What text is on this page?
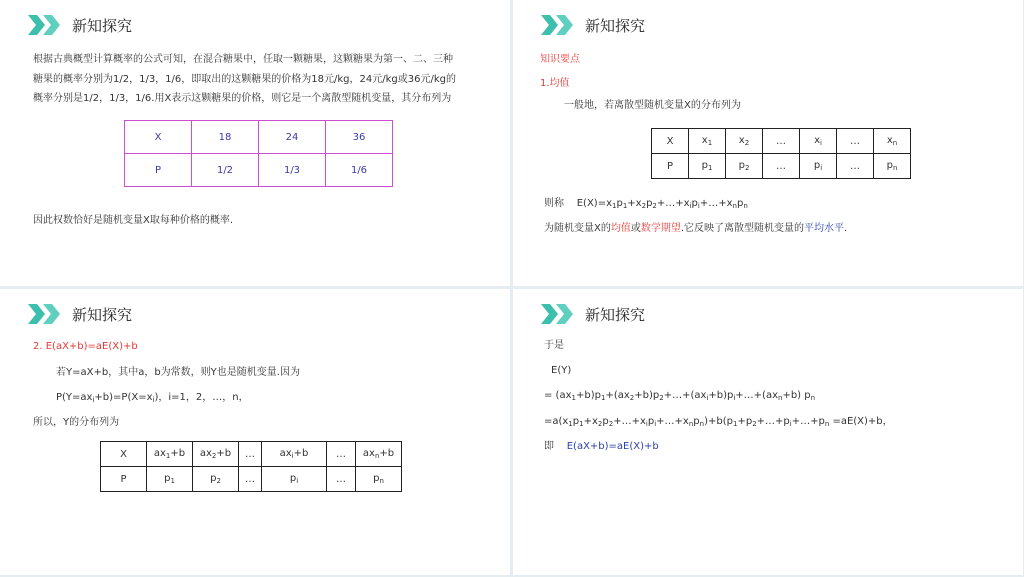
新知探究
根据古典概型计算概率的公式可知，在混合糖果中，任取一颗糖果，这颗糖果为第一、二、三种
糖果的概率分别为1/2，1/3，1/6，即取出的这颗糖果的价格为18元/kg，24元/kg或36元/kg的
概率分别是1/2，1/3，1/6.用X表示这颗糖果的价格，则它是一个离散型随机变量，其分布列为
X	18	24	36
P	1/2	1/3	1/6
因此权数恰好是随机变量X取每种价格的概率.
新知探究
知识要点
1.均值
一般地，若离散型随机变量X的分布列为
X	$x_1$	$x_2$	…	$x_i$	…	$x_n$
P	$p_1$	$p_2$	…	$p_i$	…	$p_n$
则称 $E(X)=x_1p_1+x_2p_2+\dots+x_ip_i+\dots+x_np_n$
为随机变量X的均值或数学期望.它反映了离散型随机变量的平均水平.
新知探究
2. E(aX+b)=aE(X)+b
若Y=aX+b，其中a，b为常数，则Y也是随机变量.因为
$P(Y=ax_i+b)=P(X=x_i)$，i=1，2，…，n，
所以，Y的分布列为
X	$ax_1+b$	$ax_2+b$	…	$ax_i+b$	…	$ax_n+b$
P	$p_1$	$p_2$	…	$p_i$	…	$p_n$
新知探究
于是
E(Y)
= $(ax_1+b)p_1+(ax_2+b)p_2+\dots+(ax_i+b)p_i+\dots+(ax_n+b)$ $p_n$
$=a(x_1p_1+x_2p_2+\dots+x_ip_i+\dots+x_np_n)+b(p_1+p_2+\dots+p_i+\dots+p_n =aE(X)+b$，
即 E(aX+b)=aE(X)+b
